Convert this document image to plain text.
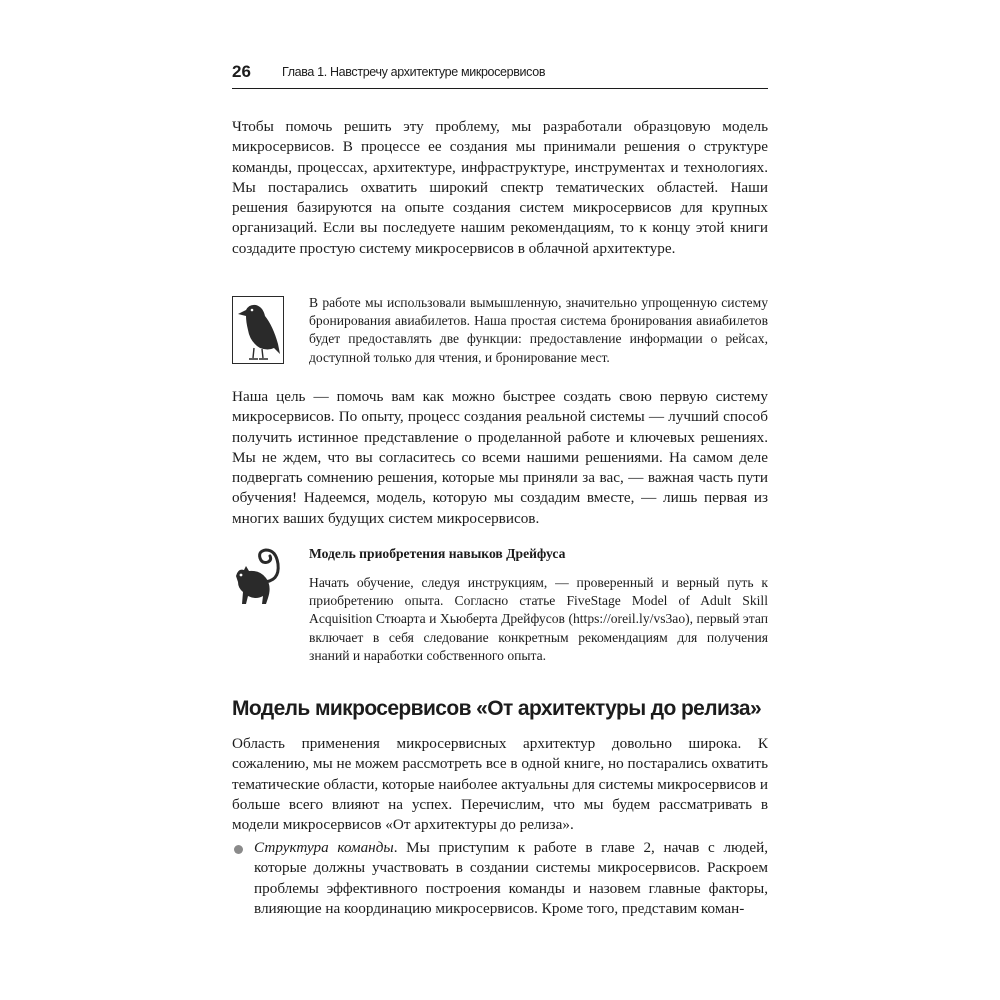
26 Глава 1. Навстречу архитектуре микросервисов

Чтобы помочь решить эту проблему, мы разработали образцовую модель микросервисов. В процессе ее создания мы принимали решения о структуре команды, процессах, архитектуре, инфраструктуре, инструментах и технологиях. Мы постарались охватить широкий спектр тематических областей. Наши решения базируются на опыте создания систем микросервисов для крупных организаций. Если вы последуете нашим рекомендациям, то к концу этой книги создадите простую систему микросервисов в облачной архитектуре.

В работе мы использовали вымышленную, значительно упрощенную систему бронирования авиабилетов. Наша простая система бронирования авиабилетов будет предоставлять две функции: предоставление информации о рейсах, доступной только для чтения, и бронирование мест.

Наша цель — помочь вам как можно быстрее создать свою первую систему микросервисов. По опыту, процесс создания реальной системы — лучший способ получить истинное представление о проделанной работе и ключевых решениях. Мы не ждем, что вы согласитесь со всеми нашими решениями. На самом деле подвергать сомнению решения, которые мы приняли за вас, — важная часть пути обучения! Надеемся, модель, которую мы создадим вместе, — лишь первая из многих ваших будущих систем микросервисов.

Модель приобретения навыков Дрейфуса

Начать обучение, следуя инструкциям, — проверенный и верный путь к приобретению опыта. Согласно статье FiveStage Model of Adult Skill Acquisition Стюарта и Хьюберта Дрейфусов (https://oreil.ly/vs3ao), первый этап включает в себя следование конкретным рекомендациям для получения знаний и наработки собственного опыта.

Модель микросервисов «От архитектуры до релиза»

Область применения микросервисных архитектур довольно широка. К сожалению, мы не можем рассмотреть все в одной книге, но постарались охватить тематические области, которые наиболее актуальны для системы микросервисов и больше всего влияют на успех. Перечислим, что мы будем рассматривать в модели микросервисов «От архитектуры до релиза».

Структура команды. Мы приступим к работе в главе 2, начав с людей, которые должны участвовать в создании системы микросервисов. Раскроем проблемы эффективного построения команды и назовем главные факторы, влияющие на координацию микросервисов. Кроме того, представим коман-
